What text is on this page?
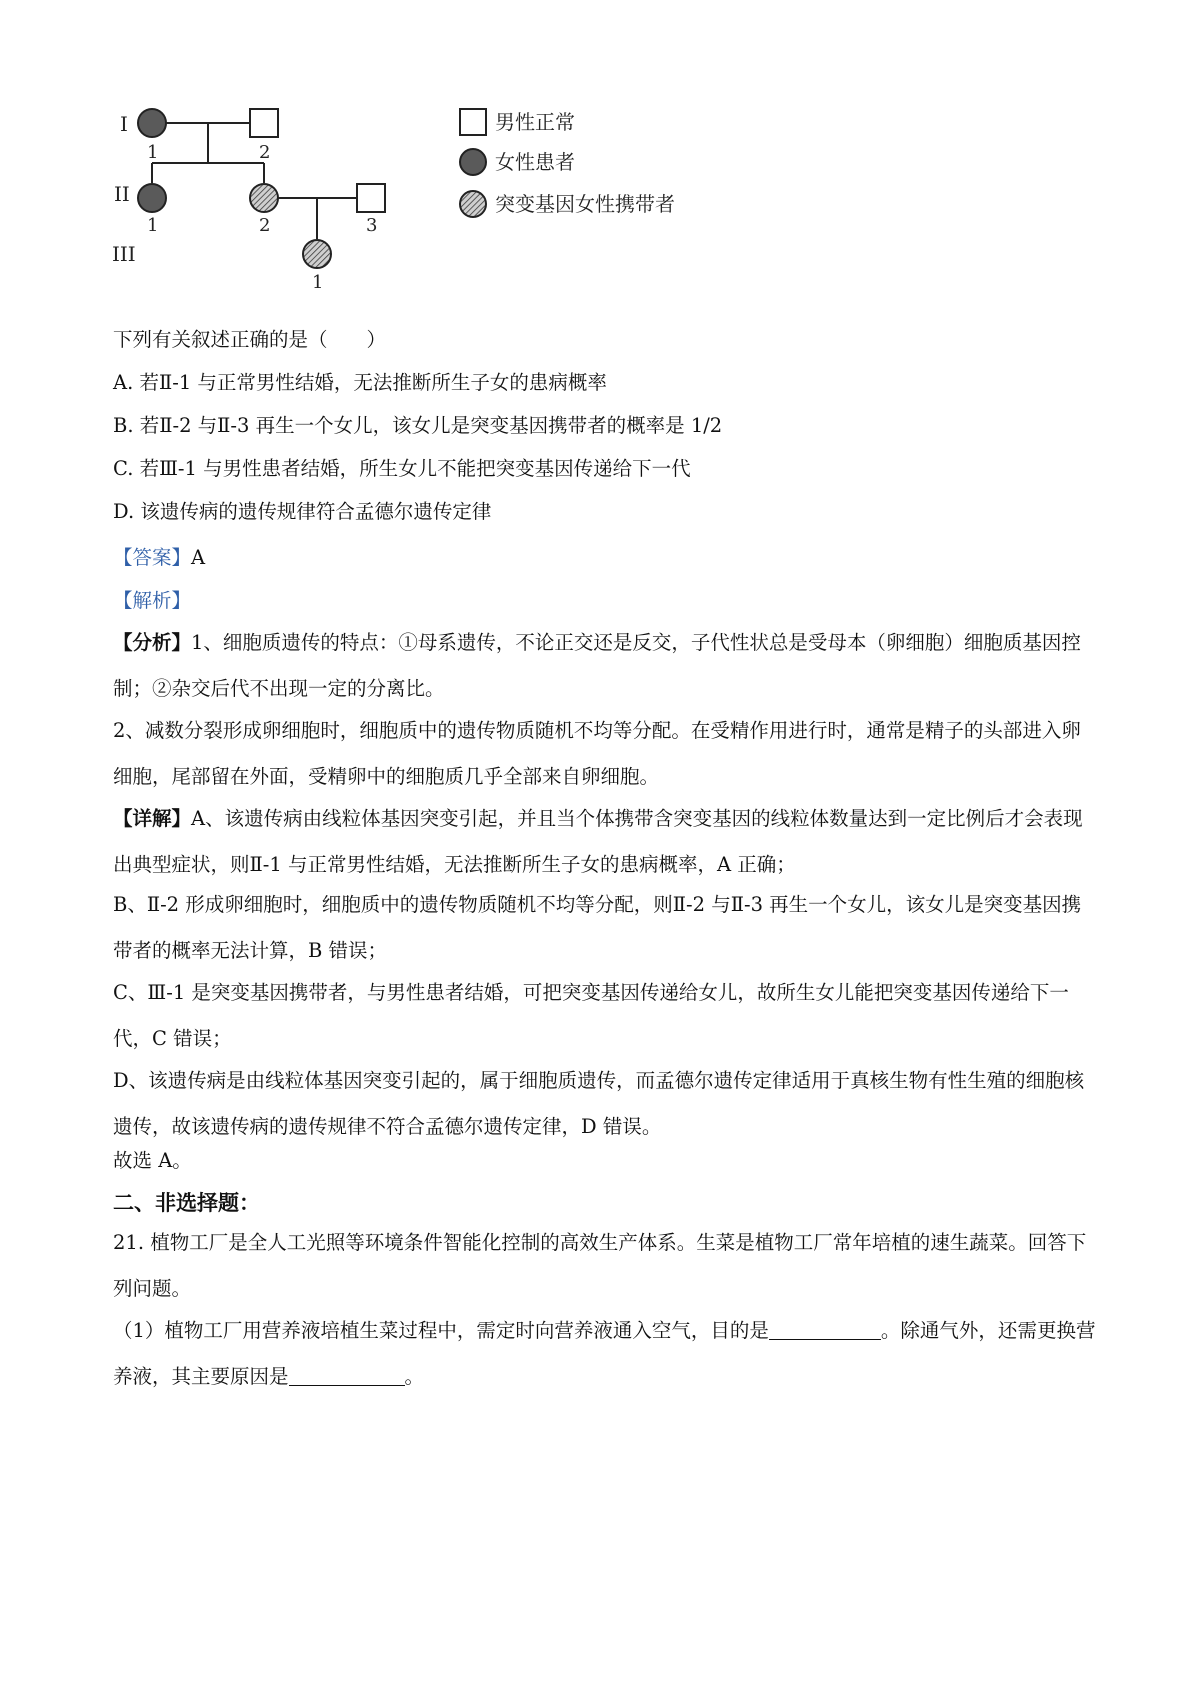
I
II
III
1	2
1	2	3
1
男性正常
女性患者
突变基因女性携带者

下列有关叙述正确的是（　　）

A. 若Ⅱ-1 与正常男性结婚，无法推断所生子女的患病概率

B. 若Ⅱ-2 与Ⅱ-3 再生一个女儿，该女儿是突变基因携带者的概率是 1/2

C. 若Ⅲ-1 与男性患者结婚，所生女儿不能把突变基因传递给下一代

D. 该遗传病的遗传规律符合孟德尔遗传定律

【答案】A

【解析】

【分析】1、细胞质遗传的特点：①母系遗传，不论正交还是反交，子代性状总是受母本（卵细胞）细胞质基因控制；②杂交后代不出现一定的分离比。

2、减数分裂形成卵细胞时，细胞质中的遗传物质随机不均等分配。在受精作用进行时，通常是精子的头部进入卵细胞，尾部留在外面，受精卵中的细胞质几乎全部来自卵细胞。

【详解】A、该遗传病由线粒体基因突变引起，并且当个体携带含突变基因的线粒体数量达到一定比例后才会表现出典型症状，则Ⅱ-1 与正常男性结婚，无法推断所生子女的患病概率，A 正确；

B、Ⅱ-2 形成卵细胞时，细胞质中的遗传物质随机不均等分配，则Ⅱ-2 与Ⅱ-3 再生一个女儿，该女儿是突变基因携带者的概率无法计算，B 错误；

C、Ⅲ-1 是突变基因携带者，与男性患者结婚，可把突变基因传递给女儿，故所生女儿能把突变基因传递给下一代，C 错误；

D、该遗传病是由线粒体基因突变引起的，属于细胞质遗传，而孟德尔遗传定律适用于真核生物有性生殖的细胞核遗传，故该遗传病的遗传规律不符合孟德尔遗传定律，D 错误。

故选 A。

二、非选择题：

21. 植物工厂是全人工光照等环境条件智能化控制的高效生产体系。生菜是植物工厂常年培植的速生蔬菜。回答下列问题。

（1）植物工厂用营养液培植生菜过程中，需定时向营养液通入空气，目的是	。除通气外，还需更换营养液，其主要原因是	。
